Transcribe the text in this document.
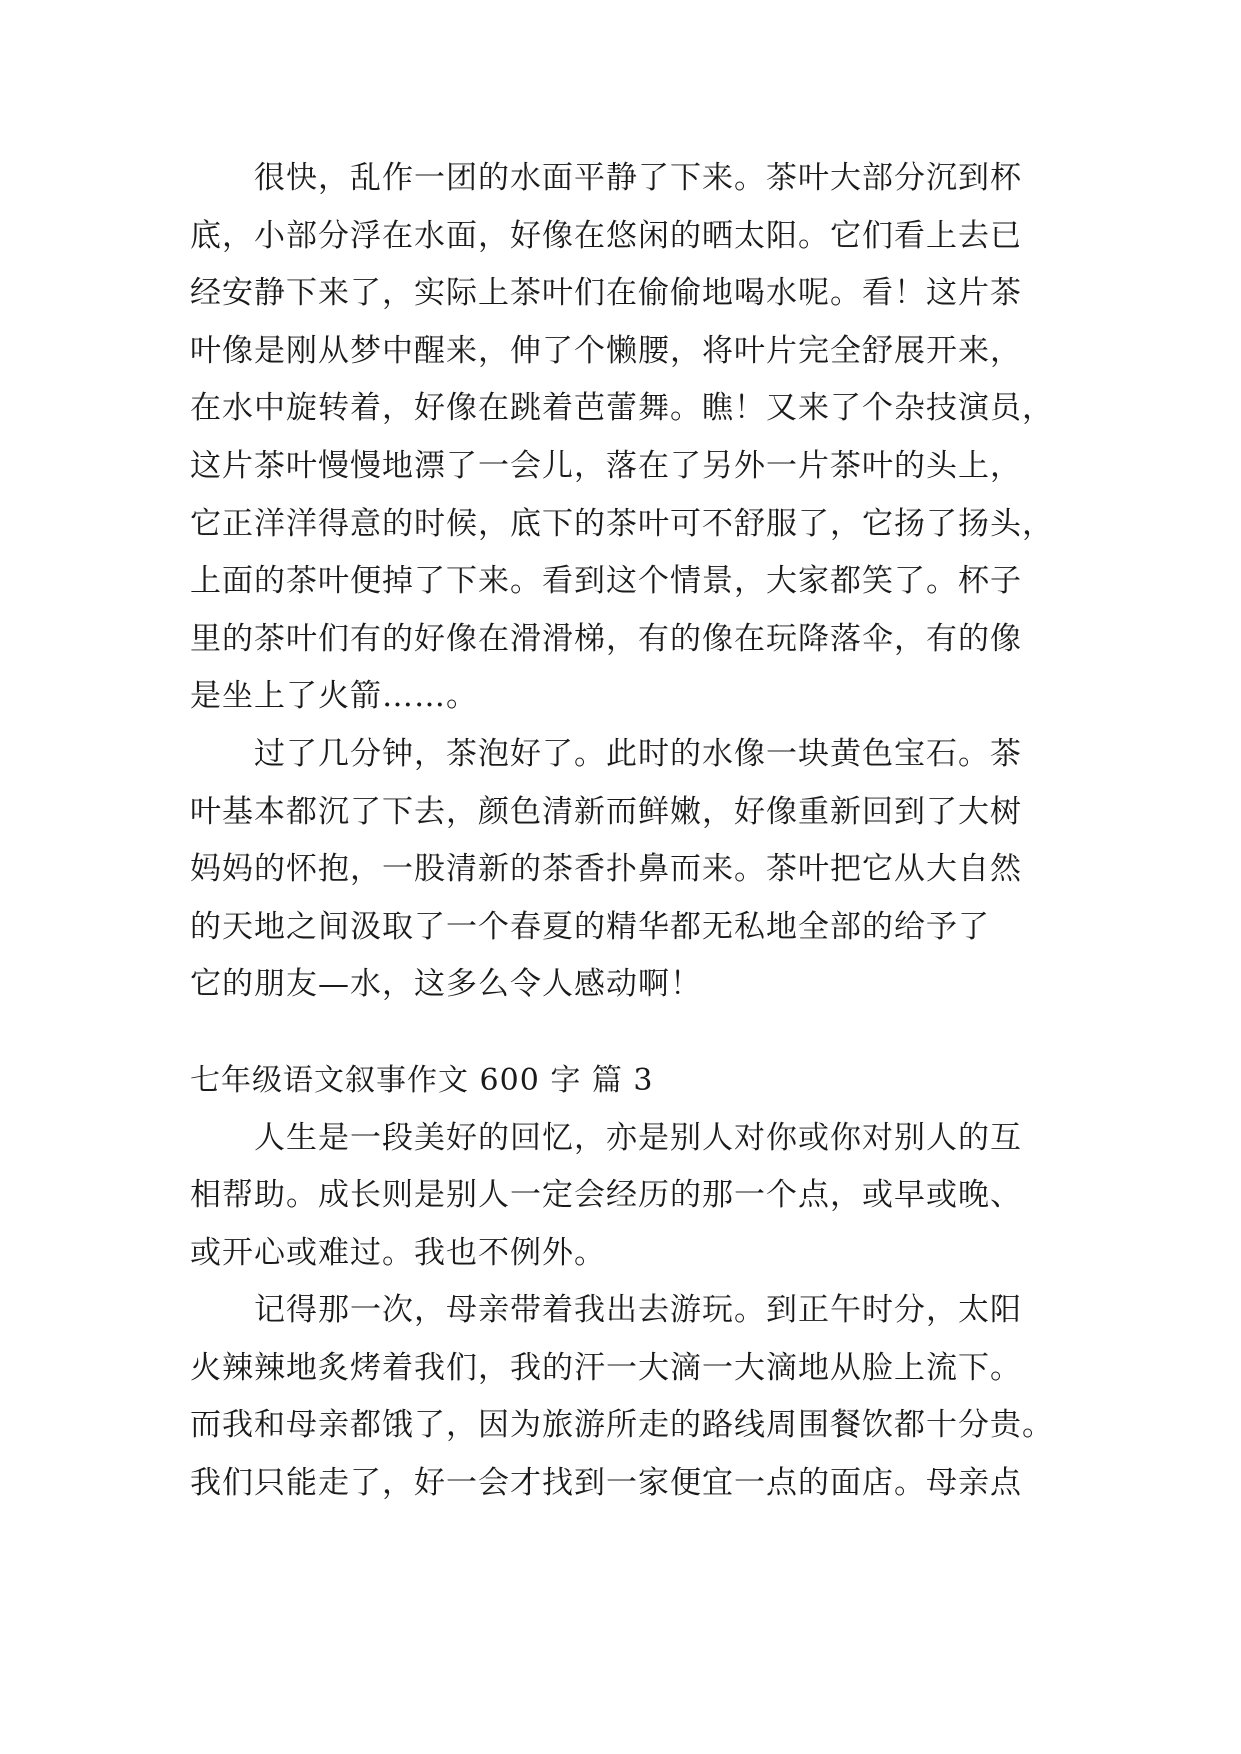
很快，乱作一团的水面平静了下来。茶叶大部分沉到杯
底，小部分浮在水面，好像在悠闲的晒太阳。它们看上去已
经安静下来了，实际上茶叶们在偷偷地喝水呢。看！这片茶
叶像是刚从梦中醒来，伸了个懒腰，将叶片完全舒展开来，
在水中旋转着，好像在跳着芭蕾舞。瞧！又来了个杂技演员，
这片茶叶慢慢地漂了一会儿，落在了另外一片茶叶的头上，
它正洋洋得意的时候，底下的茶叶可不舒服了，它扬了扬头，
上面的茶叶便掉了下来。看到这个情景，大家都笑了。杯子
里的茶叶们有的好像在滑滑梯，有的像在玩降落伞，有的像
是坐上了火箭……。
过了几分钟，茶泡好了。此时的水像一块黄色宝石。茶
叶基本都沉了下去，颜色清新而鲜嫩，好像重新回到了大树
妈妈的怀抱，一股清新的茶香扑鼻而来。茶叶把它从大自然
的天地之间汲取了一个春夏的精华都无私地全部的给予了
它的朋友—水，这多么令人感动啊！
七年级语文叙事作文 600 字 篇 3
人生是一段美好的回忆，亦是别人对你或你对别人的互
相帮助。成长则是别人一定会经历的那一个点，或早或晚、
或开心或难过。我也不例外。
记得那一次，母亲带着我出去游玩。到正午时分，太阳
火辣辣地炙烤着我们，我的汗一大滴一大滴地从脸上流下。
而我和母亲都饿了，因为旅游所走的路线周围餐饮都十分贵。
我们只能走了，好一会才找到一家便宜一点的面店。母亲点
